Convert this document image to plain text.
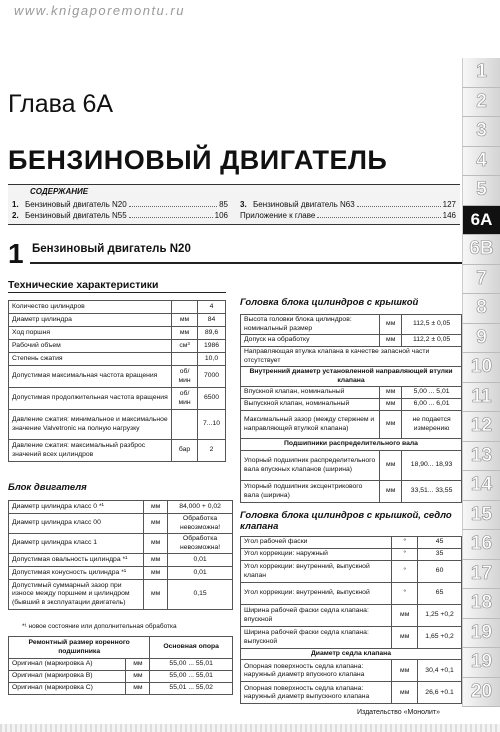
www.knigaporemontu.ru
Глава 6А
БЕНЗИНОВЫЙ ДВИГАТЕЛЬ
СОДЕРЖАНИЕ
1. Бензиновый двигатель N20	85
2. Бензиновый двигатель N55	106
3. Бензиновый двигатель N63	127
Приложение к главе	146
1 Бензиновый двигатель N20
Технические характеристики
Количество цилиндров		4
Диаметр цилиндра	мм	84
Ход поршня	мм	89,6
Рабочий объем	см³	1986
Степень сжатия		10,0
Допустимая максимальная частота вращения	об/ мин	7000
Допустимая продолжительная частота вращения	об/ мин	6500
Давление сжатия: минимальное и максимальное значение Valvetronic на полную нагрузку		7...10
Давление сжатия: максимальный разброс значений всех цилиндров	бар	2
Блок двигателя
Диаметр цилиндра класс 0 *¹	мм	84,000 + 0,02
Диаметр цилиндра класс 00	мм	Обработка невозможна!
Диаметр цилиндра класс 1	мм	Обработка невозможна!
Допустимая овальность цилиндра *¹	мм	0,01
Допустимая конусность цилиндра *¹	мм	0,01
Допустимый суммарный зазор при износе между поршнем и цилиндром (бывший в эксплуатации двигатель)	мм	0,15
*¹ новое состояние или дополнительная обработка
Ремонтный размер коренного подшипника		Основная опора
Оригинал (маркировка А)	мм	55,00 ... 55,01
Оригинал (маркировка В)	мм	55,00 ... 55,01
Оригинал (маркировка С)	мм	55,01 ... 55,02
Головка блока цилиндров с крышкой
Высота головки блока цилиндров: номинальный размер	мм	112,5 ± 0,05
Допуск на обработку	мм	112,2 ± 0,05
Направляющая втулка клапана в качестве запасной части отсутствует		
Внутренний диаметр установленной направляющей втулки клапана		
Впускной клапан, номинальный	мм	5,00 ... 5,01
Выпускной клапан, номинальный	мм	6,00 ... 6,01
Максимальный зазор (между стержнем и направляющей втулкой клапана)	мм	не подается измерению
Подшипники распределительного вала		
Упорный подшипник распределительного вала впускных клапанов (ширина)	мм	18,90... 18,93
Упорный подшипник эксцентрикового вала (ширина)	мм	33,51... 33,55
Головка блока цилиндров с крышкой, седло клапана
Угол рабочей фаски	°	45
Угол коррекции: наружный	°	35
Угол коррекции: внутренний, выпускной клапан	°	60
Угол коррекции: внутренний, выпускной	°	65
Ширина рабочей фаски седла клапана: впускной	мм	1,25 +0,2
Ширина рабочей фаски седла клапана: выпускной	мм	1,65 +0,2
Диаметр седла клапана		
Опорная поверхность седла клапана: наружный диаметр впускного клапана	мм	30,4 +0,1
Опорная поверхность седла клапана: наружный диаметр выпускного клапана	мм	26,6 +0.1
1
2
3
4
5
6A
6B
7
8
9
10
11
12
13
14
15
16
17
18
19
19
20
Издательство «Монолит»
